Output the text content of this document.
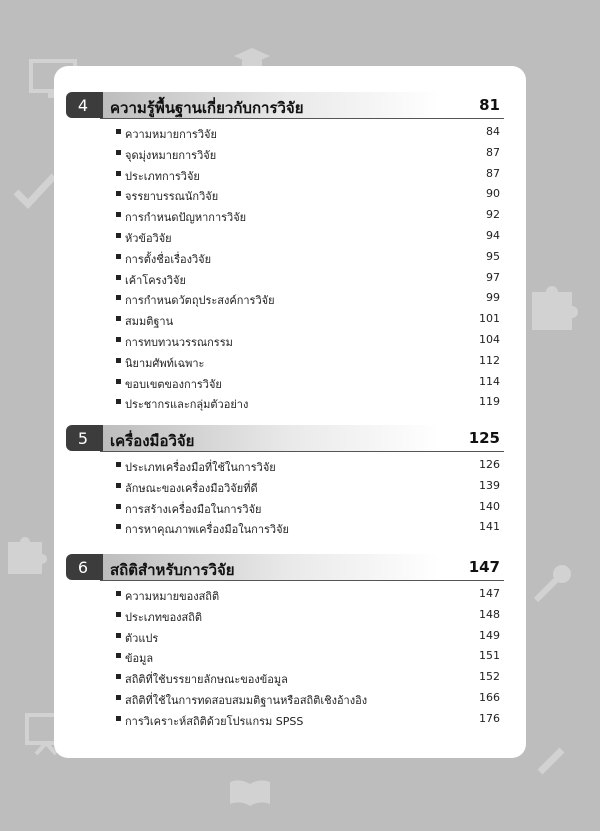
4	ความรู้พื้นฐานเกี่ยวกับการวิจัย	81
ความหมายการวิจัย	84
จุดมุ่งหมายการวิจัย	87
ประเภทการวิจัย	87
จรรยาบรรณนักวิจัย	90
การกำหนดปัญหาการวิจัย	92
หัวข้อวิจัย	94
การตั้งชื่อเรื่องวิจัย	95
เค้าโครงวิจัย	97
การกำหนดวัตถุประสงค์การวิจัย	99
สมมติฐาน	101
การทบทวนวรรณกรรม	104
นิยามศัพท์เฉพาะ	112
ขอบเขตของการวิจัย	114
ประชากรและกลุ่มตัวอย่าง	119
5	เครื่องมือวิจัย	125
ประเภทเครื่องมือที่ใช้ในการวิจัย	126
ลักษณะของเครื่องมือวิจัยที่ดี	139
การสร้างเครื่องมือในการวิจัย	140
การหาคุณภาพเครื่องมือในการวิจัย	141
6	สถิติสำหรับการวิจัย	147
ความหมายของสถิติ	147
ประเภทของสถิติ	148
ตัวแปร	149
ข้อมูล	151
สถิติที่ใช้บรรยายลักษณะของข้อมูล	152
สถิติที่ใช้ในการทดสอบสมมติฐานหรือสถิติเชิงอ้างอิง	166
การวิเคราะห์สถิติด้วยโปรแกรม SPSS	176
